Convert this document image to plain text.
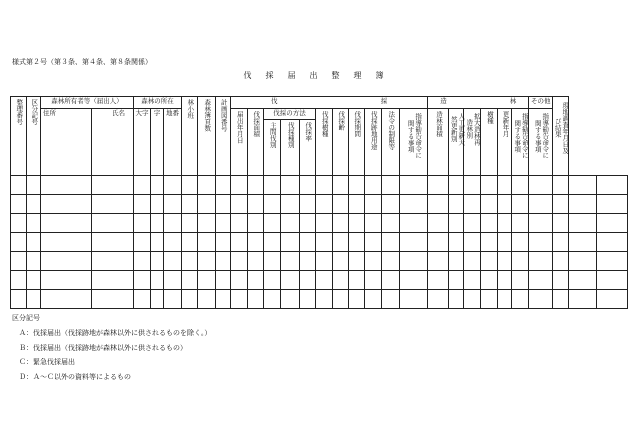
様式第２号（第３条、第４条、第８条関係）
伐　採　届　出　整　理　簿
整理番号	区分記号	森林所有者等（届出人）		森林の所在			林小班	森林簿頁数	計画図番号	伐 採											造 林						その他	現地調査年月日及び結果		

		住所	氏名	大字	字	地番				届出年月日	伐採面積	伐採の方法			伐採樹種	伐採齢	伐採期間	伐採跡地用途	法令の制限等	指導勧告命令に関する事項	造林面積	人工更新天然更新別	拡大造林再造林別	樹種	更新年月	指導勧告命令に関する事項	指導勧告命令に関する事項			
												主間伐別	伐採種別	伐採率																

区分記号
Ａ：伐採届出（伐採跡地が森林以外に供されるものを除く。）
Ｂ：伐採届出（伐採跡地が森林以外に供されるもの）
Ｃ：緊急伐採届出
Ｄ：Ａ〜Ｃ以外の資料等によるもの
